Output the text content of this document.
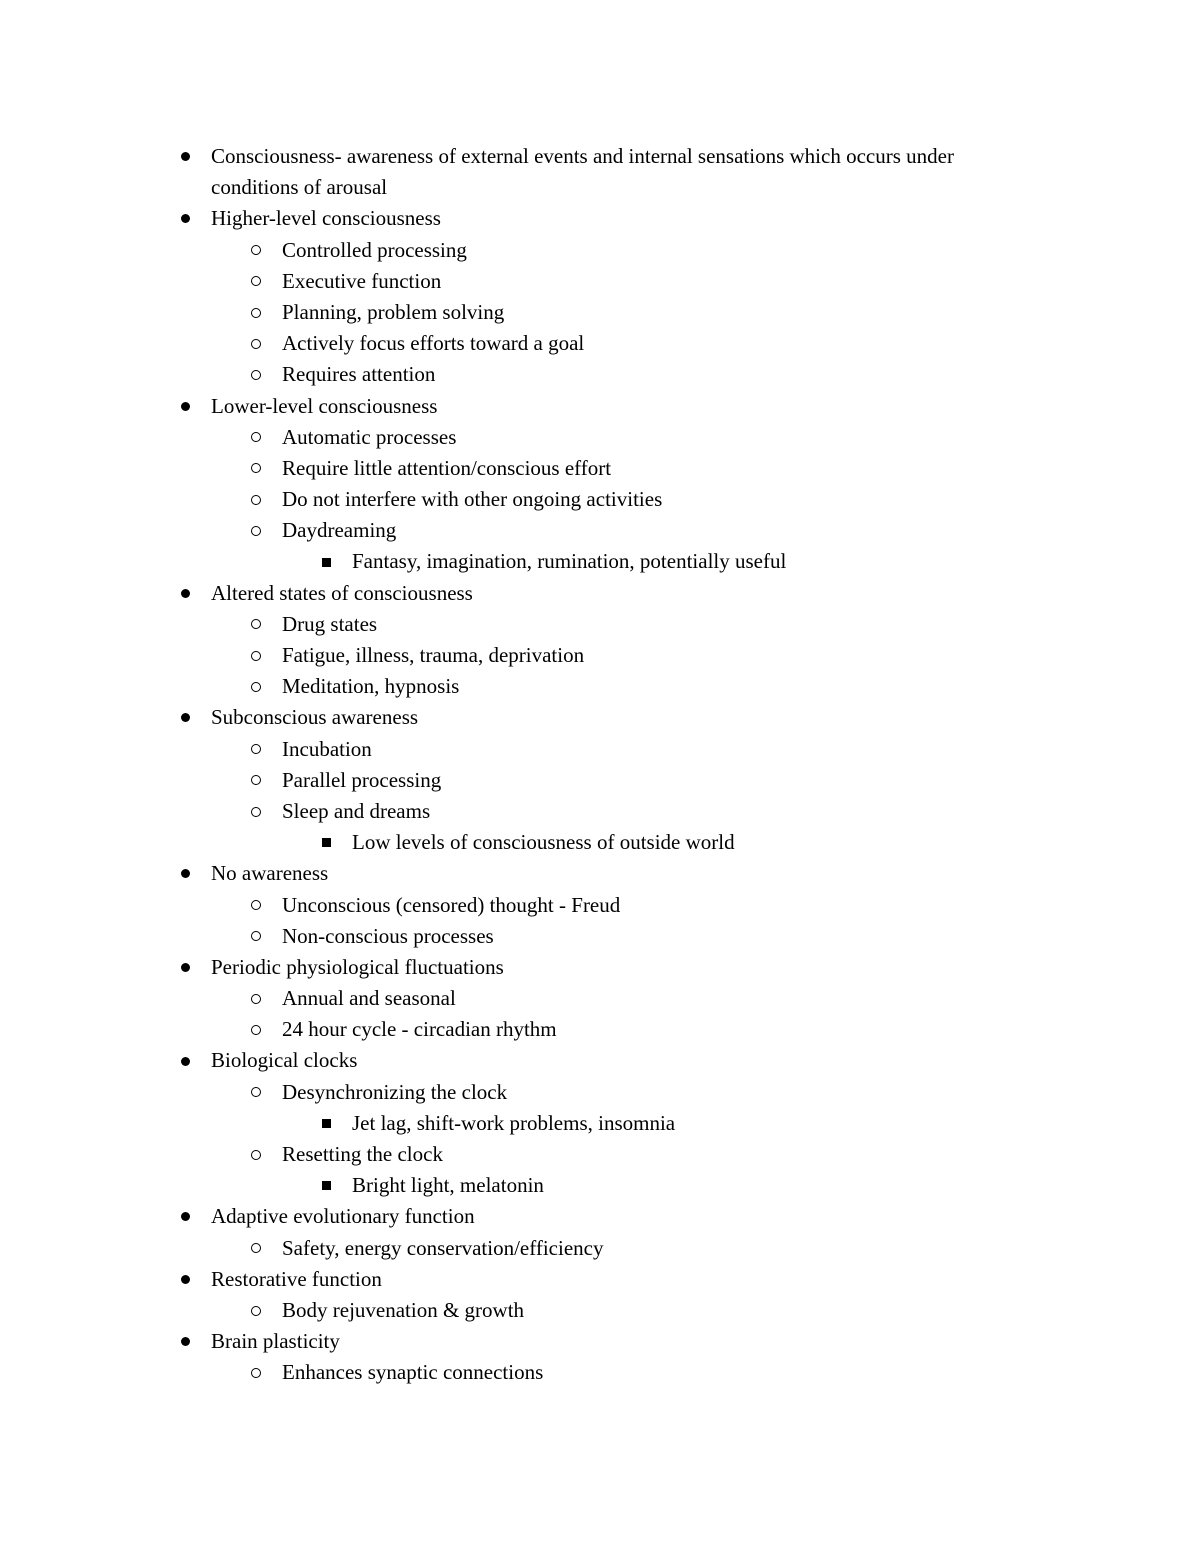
Consciousness- awareness of external events and internal sensations which occurs under
conditions of arousal
Higher-level consciousness
Controlled processing
Executive function
Planning, problem solving
Actively focus efforts toward a goal
Requires attention
Lower-level consciousness
Automatic processes
Require little attention/conscious effort
Do not interfere with other ongoing activities
Daydreaming
Fantasy, imagination, rumination, potentially useful
Altered states of consciousness
Drug states
Fatigue, illness, trauma, deprivation
Meditation, hypnosis
Subconscious awareness
Incubation
Parallel processing
Sleep and dreams
Low levels of consciousness of outside world
No awareness
Unconscious (censored) thought - Freud
Non-conscious processes
Periodic physiological fluctuations
Annual and seasonal
24 hour cycle - circadian rhythm
Biological clocks
Desynchronizing the clock
Jet lag, shift-work problems, insomnia
Resetting the clock
Bright light, melatonin
Adaptive evolutionary function
Safety, energy conservation/efficiency
Restorative function
Body rejuvenation & growth
Brain plasticity
Enhances synaptic connections
